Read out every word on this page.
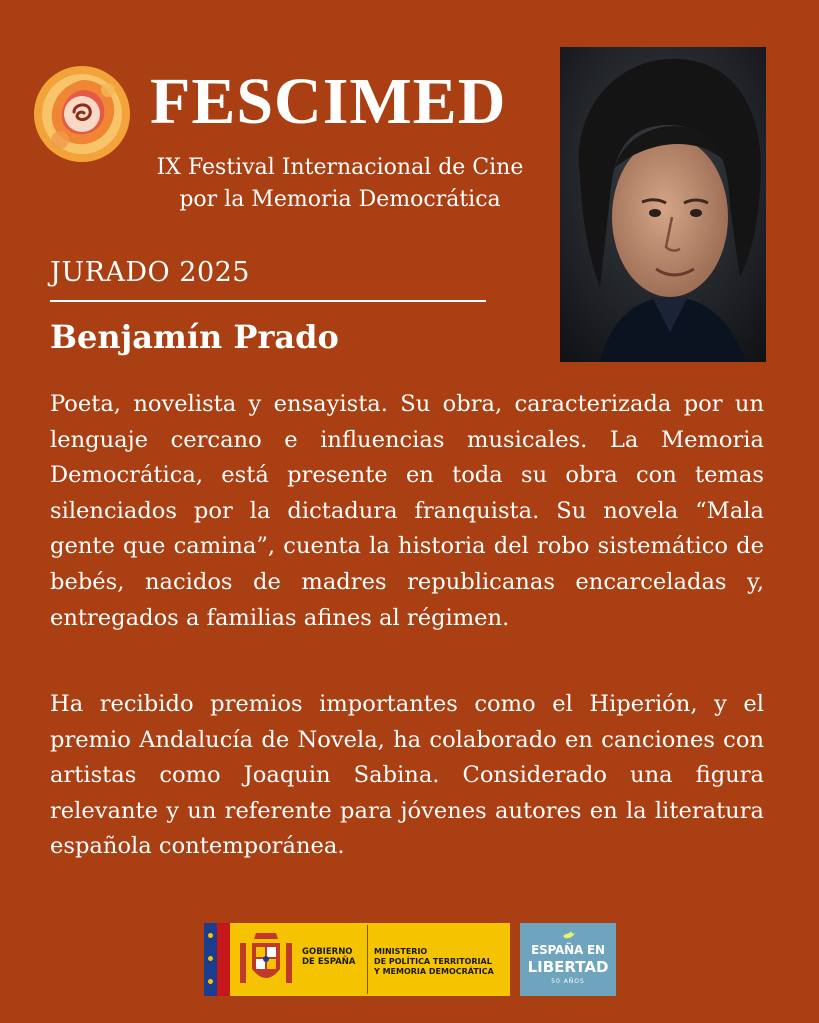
FESCIMED
IX Festival Internacional de Cine
por la Memoria Democrática
JURADO 2025
Benjamín Prado

Poeta, novelista y ensayista. Su obra, caracterizada por un lenguaje cercano e influencias musicales. La Memoria Democrática, está presente en toda su obra con temas silenciados por la dictadura franquista. Su novela “Mala gente que camina”, cuenta la historia del robo sistemático de bebés, nacidos de madres republicanas encarceladas y, entregados a familias afines al régimen.

Ha recibido premios importantes como el Hiperión, y el premio Andalucía de Novela, ha colaborado en canciones con artistas como Joaquin Sabina. Considerado una figura relevante y un referente para jóvenes autores en la literatura española contemporánea.

GOBIERNO
DE ESPAÑA
MINISTERIO
DE POLÍTICA TERRITORIAL
Y MEMORIA DEMOCRÁTICA
ESPAÑA EN
LIBERTAD
50 AÑOS
